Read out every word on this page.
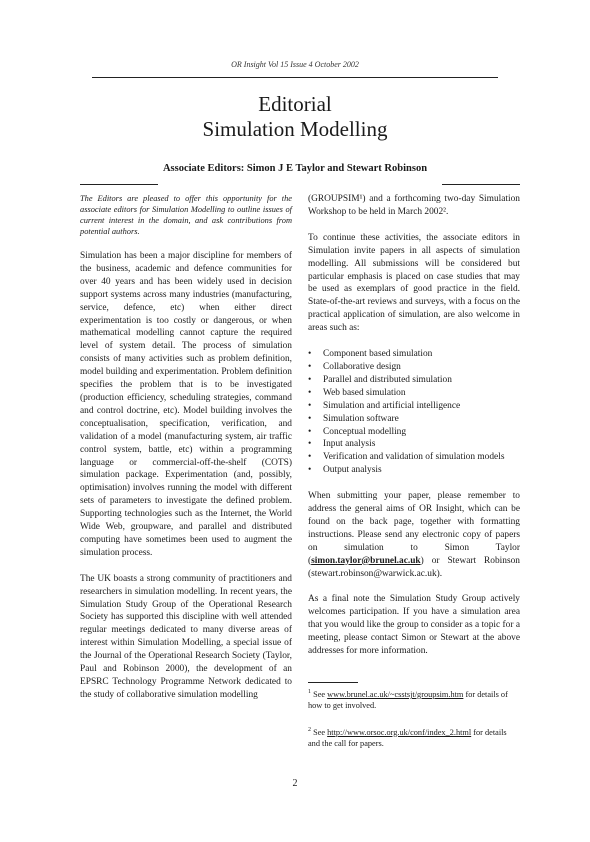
OR Insight Vol 15 Issue 4 October 2002
Editorial
Simulation Modelling
Associate Editors: Simon J E Taylor and Stewart Robinson

The Editors are pleased to offer this opportunity for the associate editors for Simulation Modelling to outline issues of current interest in the domain, and ask contributions from potential authors.

Simulation has been a major discipline for members of the business, academic and defence communities for over 40 years and has been widely used in decision support systems across many industries (manufacturing, service, defence, etc) when either direct experimentation is too costly or dangerous, or when mathematical modelling cannot capture the required level of system detail. The process of simulation consists of many activities such as problem definition, model building and experimentation. Problem definition specifies the problem that is to be investigated (production efficiency, scheduling strategies, command and control doctrine, etc). Model building involves the conceptualisation, specification, verification, and validation of a model (manufacturing system, air traffic control system, battle, etc) within a programming language or commercial-off-the-shelf (COTS) simulation package. Experimentation (and, possibly, optimisation) involves running the model with different sets of parameters to investigate the defined problem. Supporting technologies such as the Internet, the World Wide Web, groupware, and parallel and distributed computing have sometimes been used to augment the simulation process.

The UK boasts a strong community of practitioners and researchers in simulation modelling. In recent years, the Simulation Study Group of the Operational Research Society has supported this discipline with well attended regular meetings dedicated to many diverse areas of interest within Simulation Modelling, a special issue of the Journal of the Operational Research Society (Taylor, Paul and Robinson 2000), the development of an EPSRC Technology Programme Network dedicated to the study of collaborative simulation modelling

(GROUPSIM¹) and a forthcoming two-day Simulation Workshop to be held in March 2002².

To continue these activities, the associate editors in Simulation invite papers in all aspects of simulation modelling. All submissions will be considered but particular emphasis is placed on case studies that may be used as exemplars of good practice in the field. State-of-the-art reviews and surveys, with a focus on the practical application of simulation, are also welcome in areas such as:

• Component based simulation
• Collaborative design
• Parallel and distributed simulation
• Web based simulation
• Simulation and artificial intelligence
• Simulation software
• Conceptual modelling
• Input analysis
• Verification and validation of simulation models
• Output analysis

When submitting your paper, please remember to address the general aims of OR Insight, which can be found on the back page, together with formatting instructions. Please send any electronic copy of papers on simulation to Simon Taylor (simon.taylor@brunel.ac.uk) or Stewart Robinson (stewart.robinson@warwick.ac.uk).

As a final note the Simulation Study Group actively welcomes participation. If you have a simulation area that you would like the group to consider as a topic for a meeting, please contact Simon or Stewart at the above addresses for more information.

$^1$ See www.brunel.ac.uk/~csstsjt/groupsim.htm for details of how to get involved.

$^2$ See http://www.orsoc.org.uk/conf/index_2.html for details and the call for papers.

2
